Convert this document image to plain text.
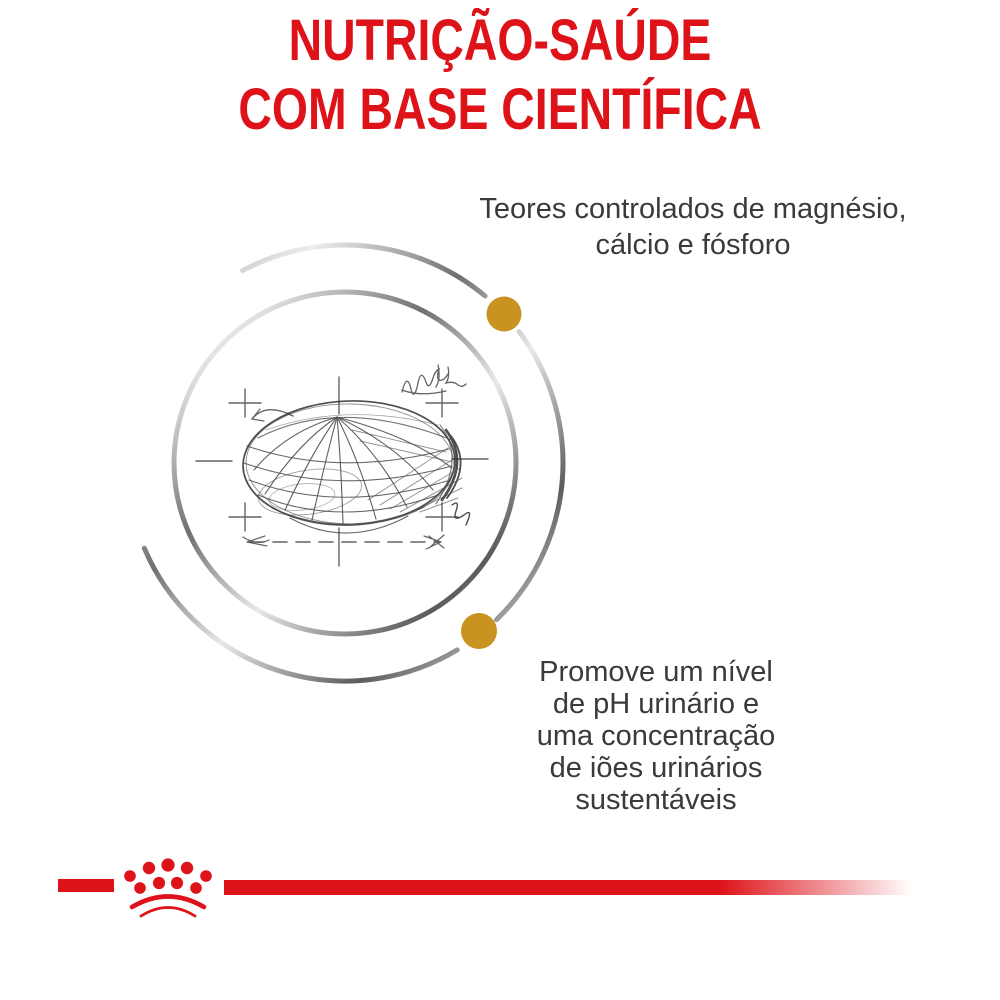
NUTRIÇÃO-SAÚDE
COM BASE CIENTÍFICA
Teores controlados de magnésio,
cálcio e fósforo
Promove um nível
de pH urinário e
uma concentração
de iões urinários
sustentáveis
